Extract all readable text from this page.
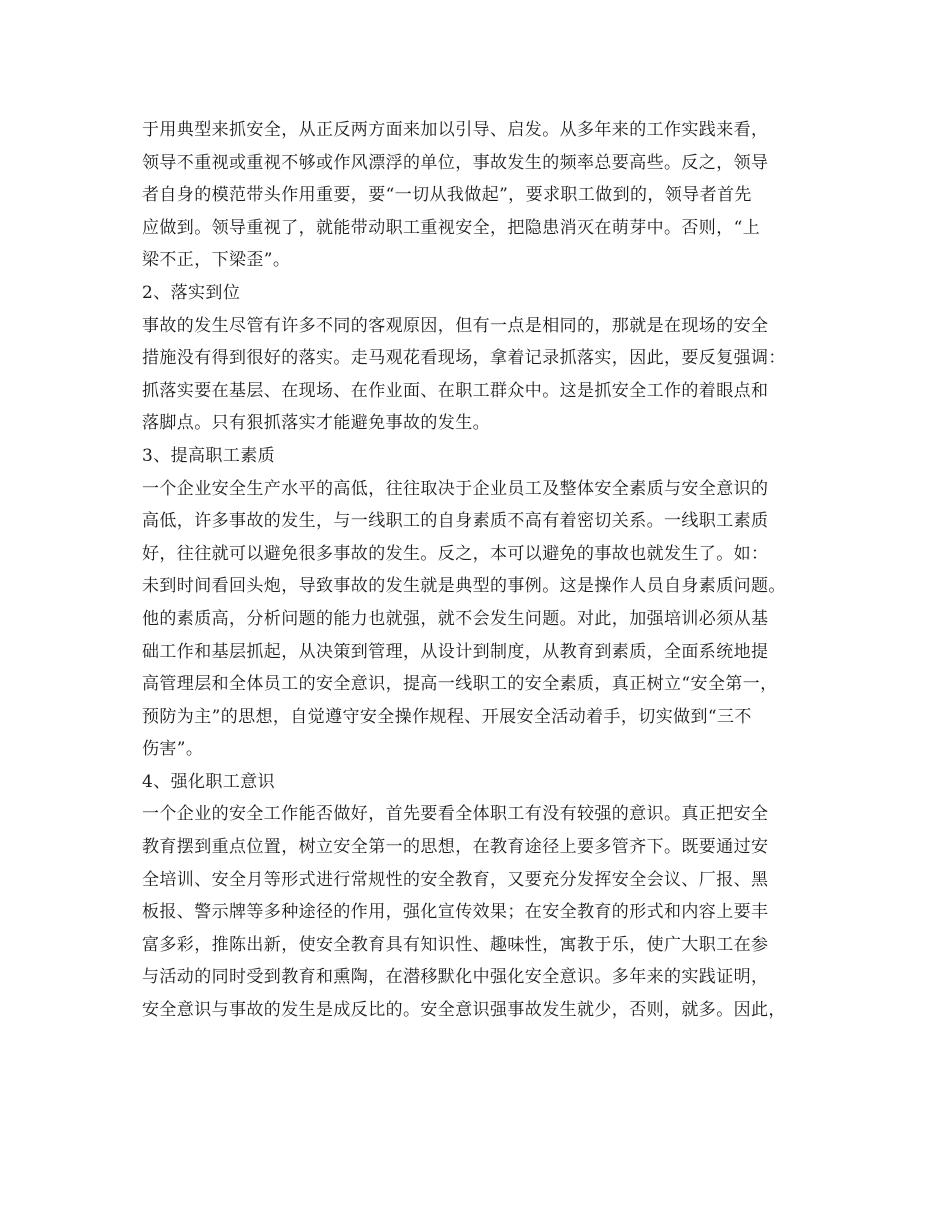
于用典型来抓安全，从正反两方面来加以引导、启发。从多年来的工作实践来看，
领导不重视或重视不够或作风漂浮的单位，事故发生的频率总要高些。反之，领导
者自身的模范带头作用重要，要“一切从我做起”，要求职工做到的，领导者首先
应做到。领导重视了，就能带动职工重视安全，把隐患消灭在萌芽中。否则，“上
梁不正，下梁歪”。
2、落实到位
事故的发生尽管有许多不同的客观原因，但有一点是相同的，那就是在现场的安全
措施没有得到很好的落实。走马观花看现场，拿着记录抓落实，因此，要反复强调：
抓落实要在基层、在现场、在作业面、在职工群众中。这是抓安全工作的着眼点和
落脚点。只有狠抓落实才能避免事故的发生。
3、提高职工素质
一个企业安全生产水平的高低，往往取决于企业员工及整体安全素质与安全意识的
高低，许多事故的发生，与一线职工的自身素质不高有着密切关系。一线职工素质
好，往往就可以避免很多事故的发生。反之，本可以避免的事故也就发生了。如：
未到时间看回头炮，导致事故的发生就是典型的事例。这是操作人员自身素质问题。
他的素质高，分析问题的能力也就强，就不会发生问题。对此，加强培训必须从基
础工作和基层抓起，从决策到管理，从设计到制度，从教育到素质，全面系统地提
高管理层和全体员工的安全意识，提高一线职工的安全素质，真正树立“安全第一，
预防为主”的思想，自觉遵守安全操作规程、开展安全活动着手，切实做到“三不
伤害”。
4、强化职工意识
一个企业的安全工作能否做好，首先要看全体职工有没有较强的意识。真正把安全
教育摆到重点位置，树立安全第一的思想，在教育途径上要多管齐下。既要通过安
全培训、安全月等形式进行常规性的安全教育，又要充分发挥安全会议、厂报、黑
板报、警示牌等多种途径的作用，强化宣传效果；在安全教育的形式和内容上要丰
富多彩，推陈出新，使安全教育具有知识性、趣味性，寓教于乐，使广大职工在参
与活动的同时受到教育和熏陶，在潜移默化中强化安全意识。多年来的实践证明，
安全意识与事故的发生是成反比的。安全意识强事故发生就少，否则，就多。因此，
